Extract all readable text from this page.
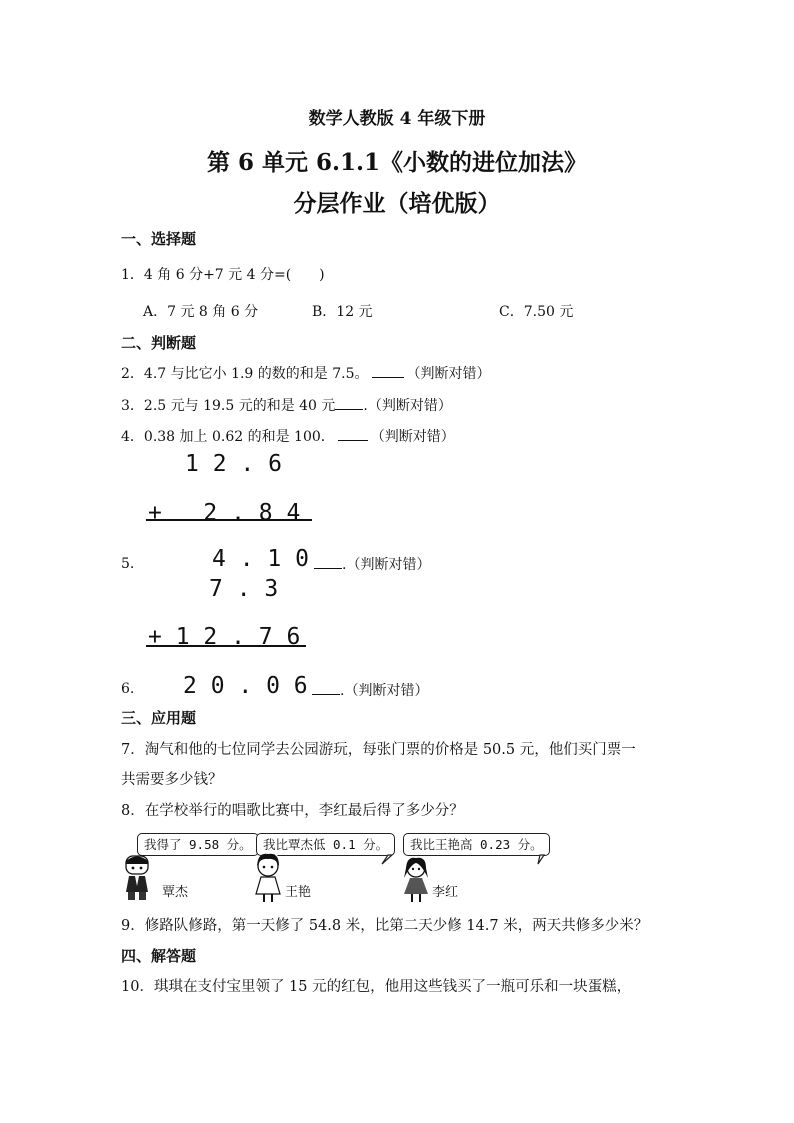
数学人教版 4 年级下册
第 6 单元 6.1.1《小数的进位加法》
分层作业（培优版）
一、选择题
1．4 角 6 分+7 元 4 分=(　　)
A．7 元 8 角 6 分	B．12 元	C．7.50 元
二、判断题
2．4.7 与比它小 1.9 的数的和是 7.5。	（判断对错）
3．2.5 元与 19.5 元的和是 40 元 .（判断对错）
4．0.38 加上 0.62 的和是 100．	（判断对错）
1 2 . 6
+   2 . 8 4
5.	4 . 1 0	.（判断对错）
7 . 3
+ 1 2 . 7 6
6. 2 0 . 0 6	.（判断对错）
三、应用题
7．淘气和他的七位同学去公园游玩，每张门票的价格是 50.5 元，他们买门票一
共需要多少钱？
8．在学校举行的唱歌比赛中，李红最后得了多少分？
我得了 9.58 分。 我比覃杰低 0.1 分。	我比王艳高 0.23 分。
覃杰	王艳	李红
9．修路队修路，第一天修了 54.8 米，比第二天少修 14.7 米，两天共修多少米？
四、解答题
10．琪琪在支付宝里领了 15 元的红包，他用这些钱买了一瓶可乐和一块蛋糕，
